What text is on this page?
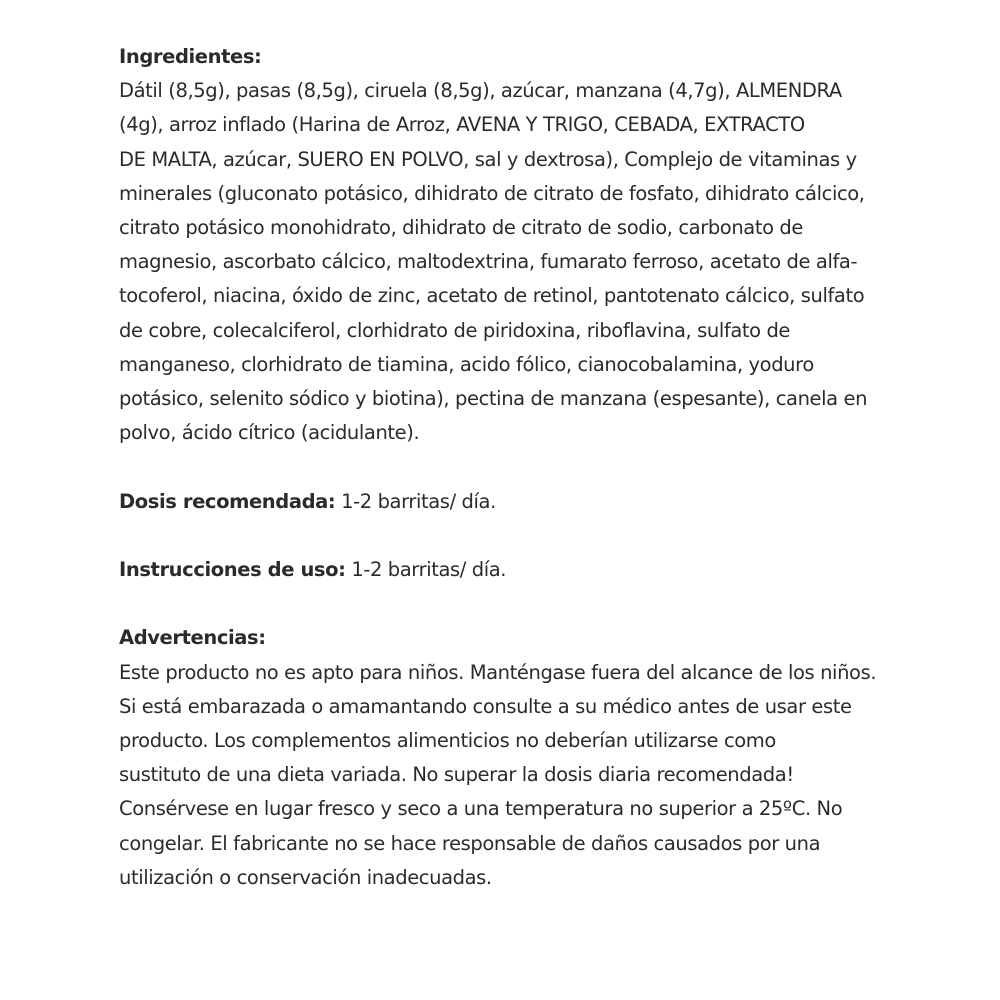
Ingredientes:
Dátil (8,5g), pasas (8,5g), ciruela (8,5g), azúcar, manzana (4,7g), ALMENDRA
(4g), arroz inflado (Harina de Arroz, AVENA Y TRIGO, CEBADA, EXTRACTO
DE MALTA, azúcar, SUERO EN POLVO, sal y dextrosa), Complejo de vitaminas y
minerales (gluconato potásico, dihidrato de citrato de fosfato, dihidrato cálcico,
citrato potásico monohidrato, dihidrato de citrato de sodio, carbonato de
magnesio, ascorbato cálcico, maltodextrina, fumarato ferroso, acetato de alfa-
tocoferol, niacina, óxido de zinc, acetato de retinol, pantotenato cálcico, sulfato
de cobre, colecalciferol, clorhidrato de piridoxina, riboflavina, sulfato de
manganeso, clorhidrato de tiamina, acido fólico, cianocobalamina, yoduro
potásico, selenito sódico y biotina), pectina de manzana (espesante), canela en
polvo, ácido cítrico (acidulante).
Dosis recomendada: 1-2 barritas/ día.
Instrucciones de uso: 1-2 barritas/ día.
Advertencias:
Este producto no es apto para niños. Manténgase fuera del alcance de los niños.
Si está embarazada o amamantando consulte a su médico antes de usar este
producto. Los complementos alimenticios no deberían utilizarse como
sustituto de una dieta variada. No superar la dosis diaria recomendada!
Consérvese en lugar fresco y seco a una temperatura no superior a 25ºC. No
congelar. El fabricante no se hace responsable de daños causados por una
utilización o conservación inadecuadas.
